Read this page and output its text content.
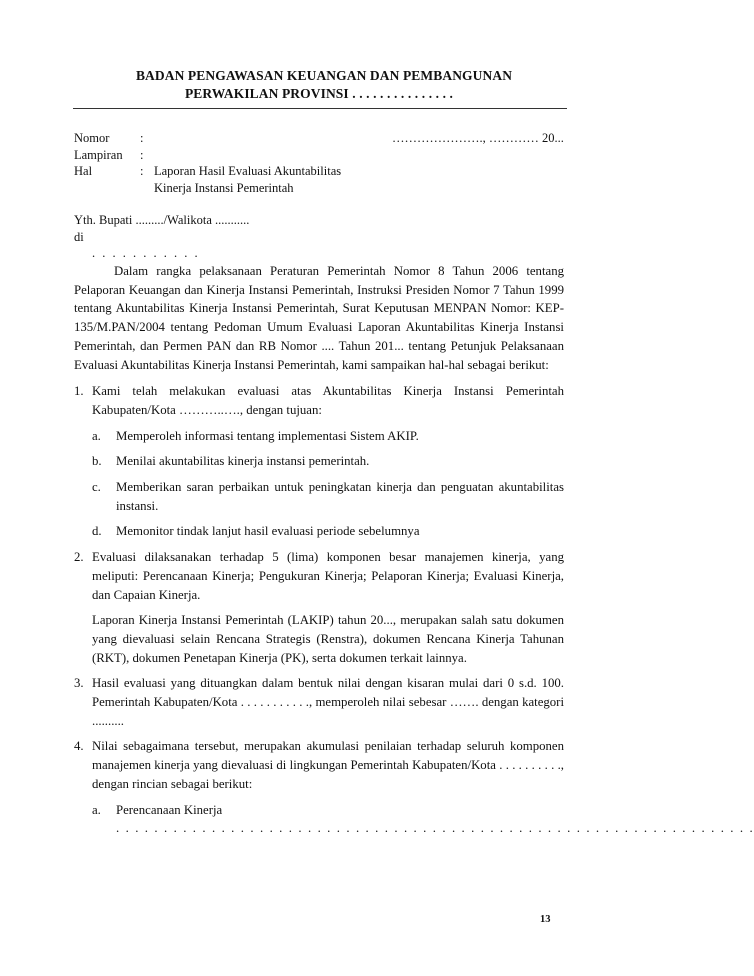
BADAN PENGAWASAN KEUANGAN DAN PEMBANGUNAN
PERWAKILAN PROVINSI . . . . . . . . . . . . . . .
Nomor	:	…………………., ………… 20...
Lampiran	:
Hal	: Laporan Hasil Evaluasi Akuntabilitas
Kinerja Instansi Pemerintah
Yth. Bupati ........./Walikota ...........
di
. . . . . . . . . . .

Dalam rangka pelaksanaan Peraturan Pemerintah Nomor 8 Tahun 2006 tentang Pelaporan Keuangan dan Kinerja Instansi Pemerintah, Instruksi Presiden Nomor 7 Tahun 1999 tentang Akuntabilitas Kinerja Instansi Pemerintah, Surat Keputusan MENPAN Nomor: KEP-135/M.PAN/2004 tentang Pedoman Umum Evaluasi Laporan Akuntabilitas Kinerja Instansi Pemerintah, dan Permen PAN dan RB Nomor .... Tahun 201... tentang Petunjuk Pelaksanaan Evaluasi Akuntabilitas Kinerja Instansi Pemerintah, kami sampaikan hal-hal sebagai berikut:

1. Kami telah melakukan evaluasi atas Akuntabilitas Kinerja Instansi Pemerintah Kabupaten/Kota ………..…., dengan tujuan:
a. Memperoleh informasi tentang implementasi Sistem AKIP.
b. Menilai akuntabilitas kinerja instansi pemerintah.
c. Memberikan saran perbaikan untuk peningkatan kinerja dan penguatan akuntabilitas instansi.
d. Memonitor tindak lanjut hasil evaluasi periode sebelumnya
2. Evaluasi dilaksanakan terhadap 5 (lima) komponen besar manajemen kinerja, yang meliputi: Perencanaan Kinerja; Pengukuran Kinerja; Pelaporan Kinerja; Evaluasi Kinerja, dan Capaian Kinerja.
Laporan Kinerja Instansi Pemerintah (LAKIP) tahun 20..., merupakan salah satu dokumen yang dievaluasi selain Rencana Strategis (Renstra), dokumen Rencana Kinerja Tahunan (RKT), dokumen Penetapan Kinerja (PK), serta dokumen terkait lainnya.
3. Hasil evaluasi yang dituangkan dalam bentuk nilai dengan kisaran mulai dari 0 s.d. 100. Pemerintah Kabupaten/Kota . . . . . . . . . . ., memperoleh nilai sebesar ……. dengan kategori ..........
4. Nilai sebagaimana tersebut, merupakan akumulasi penilaian terhadap seluruh komponen manajemen kinerja yang dievaluasi di lingkungan Pemerintah Kabupaten/Kota . . . . . . . . . ., dengan rincian sebagai berikut:
a. Perencanaan Kinerja
. . . . . . . . . . . . . . . . . . . . . . . . . . . . . . . . . . . . . . . . . . . . . . . . . . . . . . . . . . . . . . . . . . .
13
